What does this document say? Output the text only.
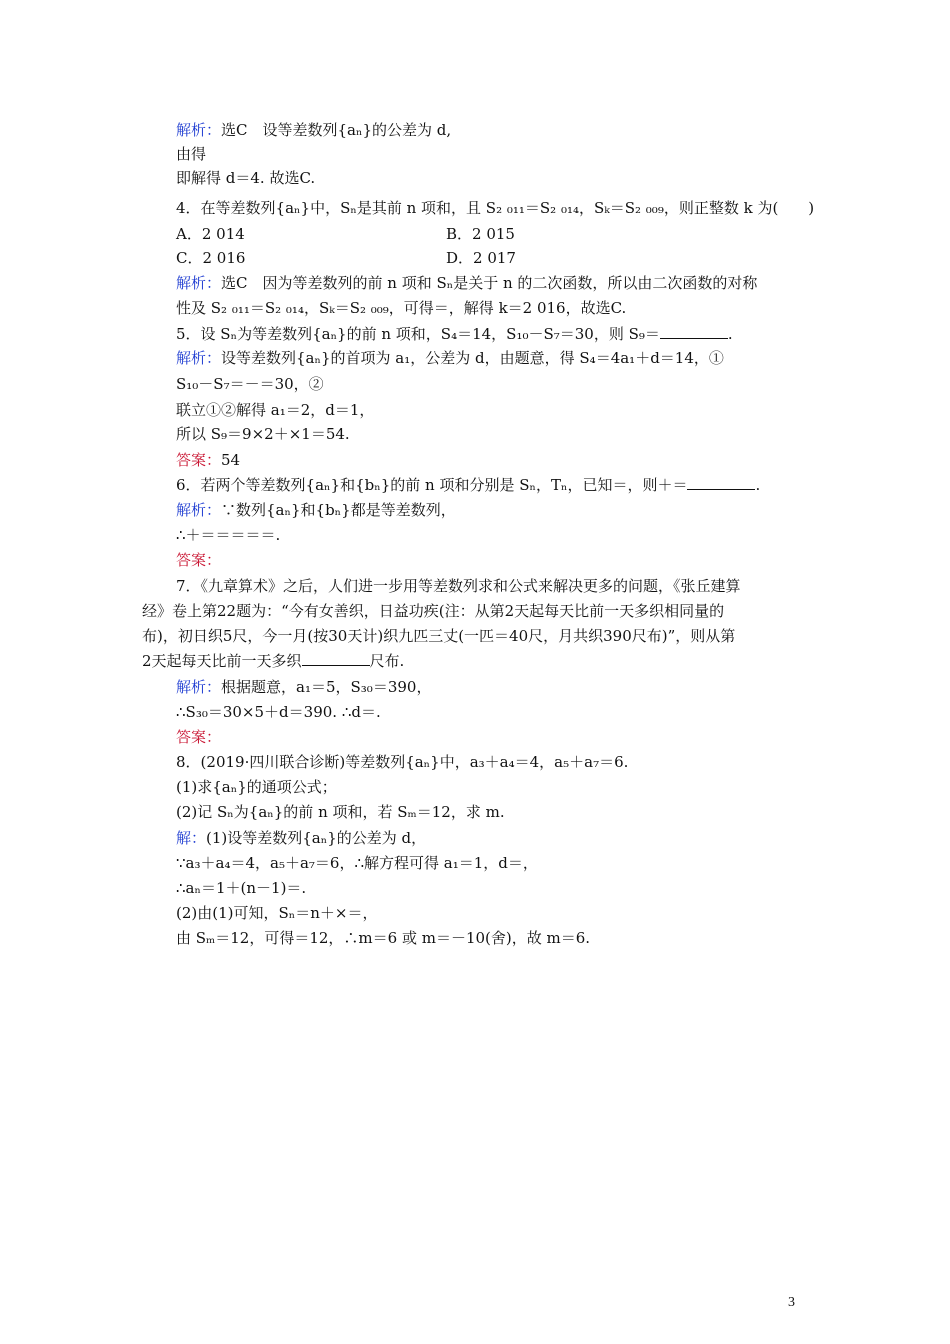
解析：选C　设等差数列{aₙ}的公差为 d,
由得
即解得 d＝4. 故选C.
4．在等差数列{aₙ}中，Sₙ是其前 n 项和，且 S₂ ₀₁₁＝S₂ ₀₁₄，Sₖ＝S₂ ₀₀₉，则正整数 k 为(　　)
A．2 014	B．2 015
C．2 016	D．2 017
解析：选C　因为等差数列的前 n 项和 Sₙ是关于 n 的二次函数，所以由二次函数的对称
性及 S₂ ₀₁₁＝S₂ ₀₁₄，Sₖ＝S₂ ₀₀₉，可得＝，解得 k＝2 016，故选C.
5．设 Sₙ为等差数列{aₙ}的前 n 项和，S₄＝14，S₁₀－S₇＝30，则 S₉＝	.
解析：设等差数列{aₙ}的首项为 a₁，公差为 d，由题意，得 S₄＝4a₁＋d＝14，①
S₁₀－S₇＝－＝30，②
联立①②解得 a₁＝2，d＝1，
所以 S₉＝9×2＋×1＝54.
答案：54
6．若两个等差数列{aₙ}和{bₙ}的前 n 项和分别是 Sₙ，Tₙ，已知＝，则＋＝	.
解析：∵数列{aₙ}和{bₙ}都是等差数列，
∴＋＝＝＝＝＝.
答案：
7．《九章算术》之后，人们进一步用等差数列求和公式来解决更多的问题，《张丘建算
经》卷上第22题为：“今有女善织，日益功疾(注：从第2天起每天比前一天多织相同量的
布)，初日织5尺，今一月(按30天计)织九匹三丈(一匹＝40尺，月共织390尺布)”，则从第
2天起每天比前一天多织	尺布.
解析：根据题意，a₁＝5，S₃₀＝390，
∴S₃₀＝30×5＋d＝390. ∴d＝.
答案：
8．(2019·四川联合诊断)等差数列{aₙ}中，a₃＋a₄＝4，a₅＋a₇＝6.
(1)求{aₙ}的通项公式；
(2)记 Sₙ为{aₙ}的前 n 项和，若 Sₘ＝12，求 m.
解：(1)设等差数列{aₙ}的公差为 d，
∵a₃＋a₄＝4，a₅＋a₇＝6，∴解方程可得 a₁＝1，d＝，
∴aₙ＝1＋(n－1)＝.
(2)由(1)可知，Sₙ＝n＋×＝，
由 Sₘ＝12，可得＝12，∴m＝6 或 m＝－10(舍)，故 m＝6.
3
